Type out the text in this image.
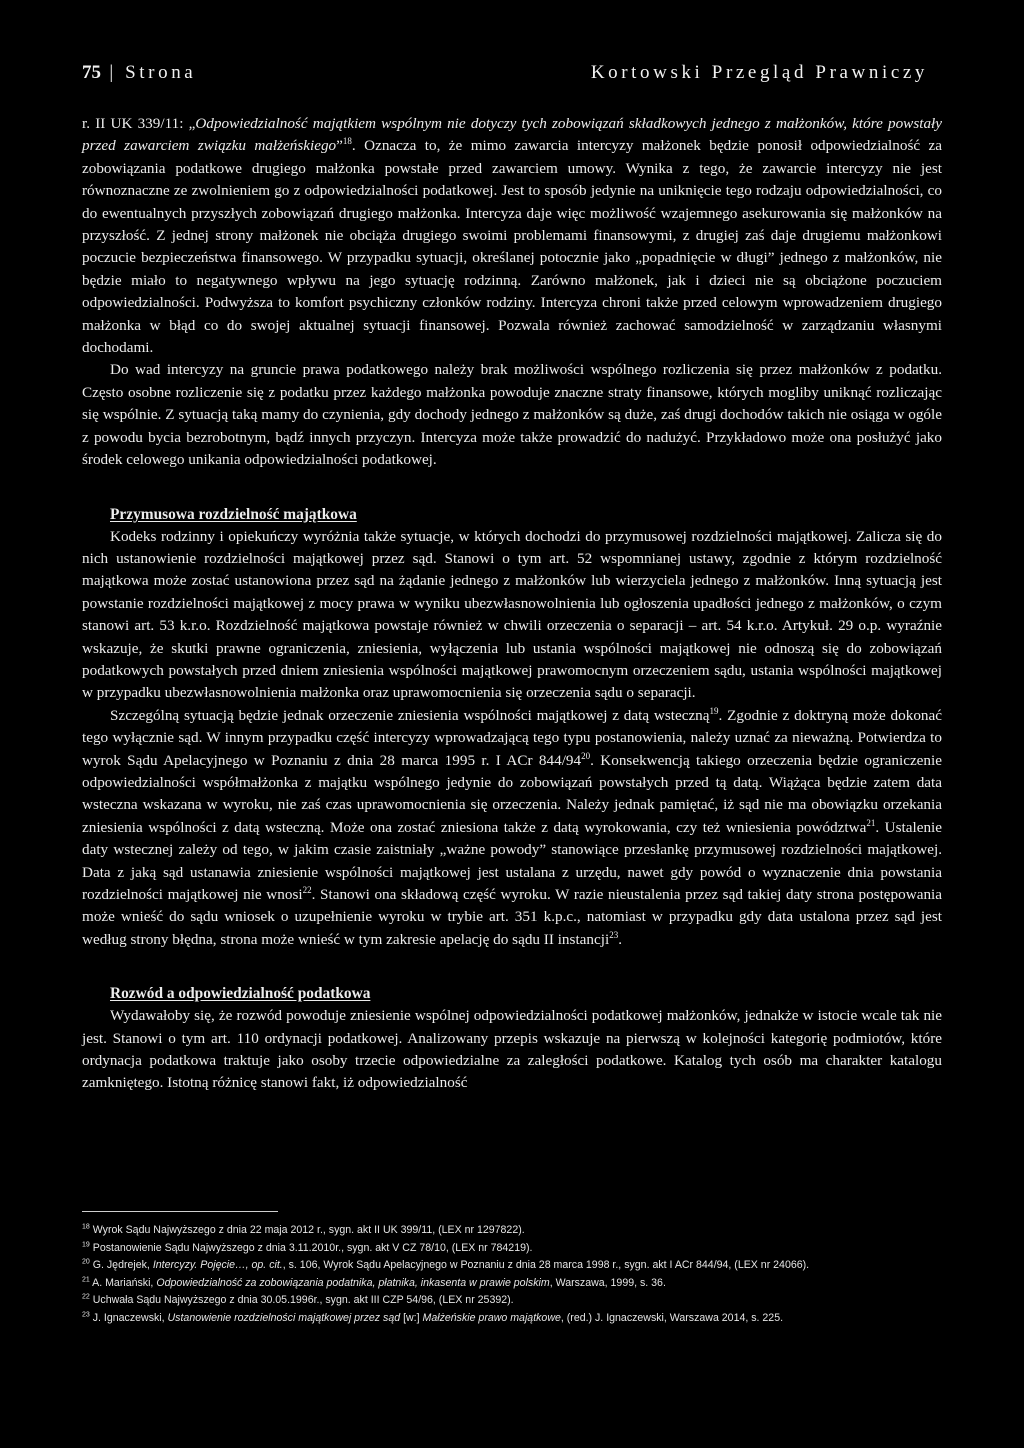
75 | Strona	Kortowski Przegląd Prawniczy

r. II UK 339/11: „Odpowiedzialność majątkiem wspólnym nie dotyczy tych zobowiązań składkowych jednego z małżonków, które powstały przed zawarciem związku małżeńskiego”$^{18}$. Oznacza to, że mimo zawarcia intercyzy małżonek będzie ponosił odpowiedzialność za zobowiązania podatkowe drugiego małżonka powstałe przed zawarciem umowy. Wynika z tego, że zawarcie intercyzy nie jest równoznaczne ze zwolnieniem go z odpowiedzialności podatkowej. Jest to sposób jedynie na uniknięcie tego rodzaju odpowiedzialności, co do ewentualnych przyszłych zobowiązań drugiego małżonka. Intercyza daje więc możliwość wzajemnego asekurowania się małżonków na przyszłość. Z jednej strony małżonek nie obciąża drugiego swoimi problemami finansowymi, z drugiej zaś daje drugiemu małżonkowi poczucie bezpieczeństwa finansowego. W przypadku sytuacji, określanej potocznie jako „popadnięcie w długi” jednego z małżonków, nie będzie miało to negatywnego wpływu na jego sytuację rodzinną. Zarówno małżonek, jak i dzieci nie są obciążone poczuciem odpowiedzialności. Podwyższa to komfort psychiczny członków rodziny. Intercyza chroni także przed celowym wprowadzeniem drugiego małżonka w błąd co do swojej aktualnej sytuacji finansowej. Pozwala również zachować samodzielność w zarządzaniu własnymi dochodami.

Do wad intercyzy na gruncie prawa podatkowego należy brak możliwości wspólnego rozliczenia się przez małżonków z podatku. Często osobne rozliczenie się z podatku przez każdego małżonka powoduje znaczne straty finansowe, których mogliby uniknąć rozliczając się wspólnie. Z sytuacją taką mamy do czynienia, gdy dochody jednego z małżonków są duże, zaś drugi dochodów takich nie osiąga w ogóle z powodu bycia bezrobotnym, bądź innych przyczyn. Intercyza może także prowadzić do nadużyć. Przykładowo może ona posłużyć jako środek celowego unikania odpowiedzialności podatkowej.

Przymusowa rozdzielność majątkowa

Kodeks rodzinny i opiekuńczy wyróżnia także sytuacje, w których dochodzi do przymusowej rozdzielności majątkowej. Zalicza się do nich ustanowienie rozdzielności majątkowej przez sąd. Stanowi o tym art. 52 wspomnianej ustawy, zgodnie z którym rozdzielność majątkowa może zostać ustanowiona przez sąd na żądanie jednego z małżonków lub wierzyciela jednego z małżonków. Inną sytuacją jest powstanie rozdzielności majątkowej z mocy prawa w wyniku ubezwłasnowolnienia lub ogłoszenia upadłości jednego z małżonków, o czym stanowi art. 53 k.r.o. Rozdzielność majątkowa powstaje również w chwili orzeczenia o separacji – art. 54 k.r.o. Artykuł. 29 o.p. wyraźnie wskazuje, że skutki prawne ograniczenia, zniesienia, wyłączenia lub ustania wspólności majątkowej nie odnoszą się do zobowiązań podatkowych powstałych przed dniem zniesienia wspólności majątkowej prawomocnym orzeczeniem sądu, ustania wspólności majątkowej w przypadku ubezwłasnowolnienia małżonka oraz uprawomocnienia się orzeczenia sądu o separacji.

Szczególną sytuacją będzie jednak orzeczenie zniesienia wspólności majątkowej z datą wsteczną$^{19}$. Zgodnie z doktryną może dokonać tego wyłącznie sąd. W innym przypadku część intercyzy wprowadzającą tego typu postanowienia, należy uznać za nieważną. Potwierdza to wyrok Sądu Apelacyjnego w Poznaniu z dnia 28 marca 1995 r. I ACr $844/94^{20}$. Konsekwencją takiego orzeczenia będzie ograniczenie odpowiedzialności współmałżonka z majątku wspólnego jedynie do zobowiązań powstałych przed tą datą. Wiążąca będzie zatem data wsteczna wskazana w wyroku, nie zaś czas uprawomocnienia się orzeczenia. Należy jednak pamiętać, iż sąd nie ma obowiązku orzekania zniesienia wspólności z datą wsteczną. Może ona zostać zniesiona także z datą wyrokowania, czy też wniesienia powództwa$^{21}$. Ustalenie daty wstecznej zależy od tego, w jakim czasie zaistniały „ważne powody” stanowiące przesłankę przymusowej rozdzielności majątkowej. Data z jaką sąd ustanawia zniesienie wspólności majątkowej jest ustalana z urzędu, nawet gdy powód o wyznaczenie dnia powstania rozdzielności majątkowej nie wnosi$^{22}$. Stanowi ona składową część wyroku. W razie nieustalenia przez sąd takiej daty strona postępowania może wnieść do sądu wniosek o uzupełnienie wyroku w trybie art. 351 k.p.c., natomiast w przypadku gdy data ustalona przez sąd jest według strony błędna, strona może wnieść w tym zakresie apelację do sądu II instancji$^{23}$.

Rozwód a odpowiedzialność podatkowa

Wydawałoby się, że rozwód powoduje zniesienie wspólnej odpowiedzialności podatkowej małżonków, jednakże w istocie wcale tak nie jest. Stanowi o tym art. 110 ordynacji podatkowej. Analizowany przepis wskazuje na pierwszą w kolejności kategorię podmiotów, które ordynacja podatkowa traktuje jako osoby trzecie odpowiedzialne za zaległości podatkowe. Katalog tych osób ma charakter katalogu zamkniętego. Istotną różnicę stanowi fakt, iż odpowiedzialność

$^{18}$ Wyrok Sądu Najwyższego z dnia 22 maja 2012 r., sygn. akt II UK 399/11, (LEX nr 1297822).
$^{19}$ Postanowienie Sądu Najwyższego z dnia 3.11.2010r., sygn. akt V CZ 78/10, (LEX nr 784219).
$^{20}$ G. Jędrejek, Intercyzy. Pojęcie…, op. cit., s. 106, Wyrok Sądu Apelacyjnego w Poznaniu z dnia 28 marca 1998 r., sygn. akt I ACr 844/94, (LEX nr 24066).
$^{21}$ A. Mariański, Odpowiedzialność za zobowiązania podatnika, płatnika, inkasenta w prawie polskim, Warszawa, 1999, s. 36.
$^{22}$ Uchwała Sądu Najwyższego z dnia 30.05.1996r., sygn. akt III CZP 54/96, (LEX nr 25392).
$^{23}$ J. Ignaczewski, Ustanowienie rozdzielności majątkowej przez sąd [w:] Małżeńskie prawo majątkowe, (red.) J. Ignaczewski, Warszawa 2014, s. 225.
